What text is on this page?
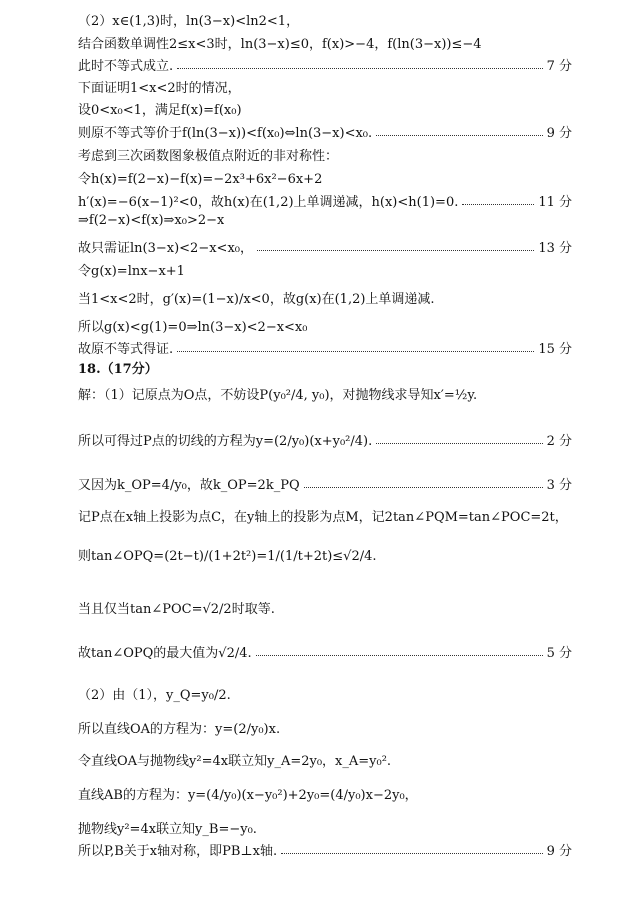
（2）x∈(1,3)时，ln(3−x)<ln2<1，
结合函数单调性2≤x<3时，ln(3−x)≤0，f(x)>−4，f(ln(3−x))≤−4
此时不等式成立.	7 分
下面证明1<x<2时的情况，
设0<x₀<1，满足f(x)=f(x₀)
则原不等式等价于f(ln(3−x))<f(x₀)⇔ln(3−x)<x₀.	9 分
考虑到三次函数图象极值点附近的非对称性：
令h(x)=f(2−x)−f(x)=−2x³+6x²−6x+2
h′(x)=−6(x−1)²<0，故h(x)在(1,2)上单调递减，h(x)<h(1)=0.	11 分
⇒f(2−x)<f(x)⇒x₀>2−x
故只需证ln(3−x)<2−x<x₀，	13 分
令g(x)=lnx−x+1
当1<x<2时，g′(x)=(1−x)/x<0，故g(x)在(1,2)上单调递减.
所以g(x)<g(1)=0⇒ln(3−x)<2−x<x₀
故原不等式得证.	15 分
18.（17分）
解：（1）记原点为O点，不妨设P(y₀²/4, y₀)，对抛物线求导知x′=½y.
所以可得过P点的切线的方程为y=(2/y₀)(x+y₀²/4).	2 分
又因为k_OP=4/y₀，故k_OP=2k_PQ	3 分
记P点在x轴上投影为点C，在y轴上的投影为点M，记2tan∠PQM=tan∠POC=2t，
则tan∠OPQ=(2t−t)/(1+2t²)=1/(1/t+2t)≤√2/4.
当且仅当tan∠POC=√2/2时取等.
故tan∠OPQ的最大值为√2/4.	5 分
（2）由（1），y_Q=y₀/2.
所以直线OA的方程为：y=(2/y₀)x.
令直线OA与抛物线y²=4x联立知y_A=2y₀，x_A=y₀².
直线AB的方程为：y=(4/y₀)(x−y₀²)+2y₀=(4/y₀)x−2y₀，
抛物线y²=4x联立知y_B=−y₀.
所以P,B关于x轴对称，即PB⊥x轴.	9 分
